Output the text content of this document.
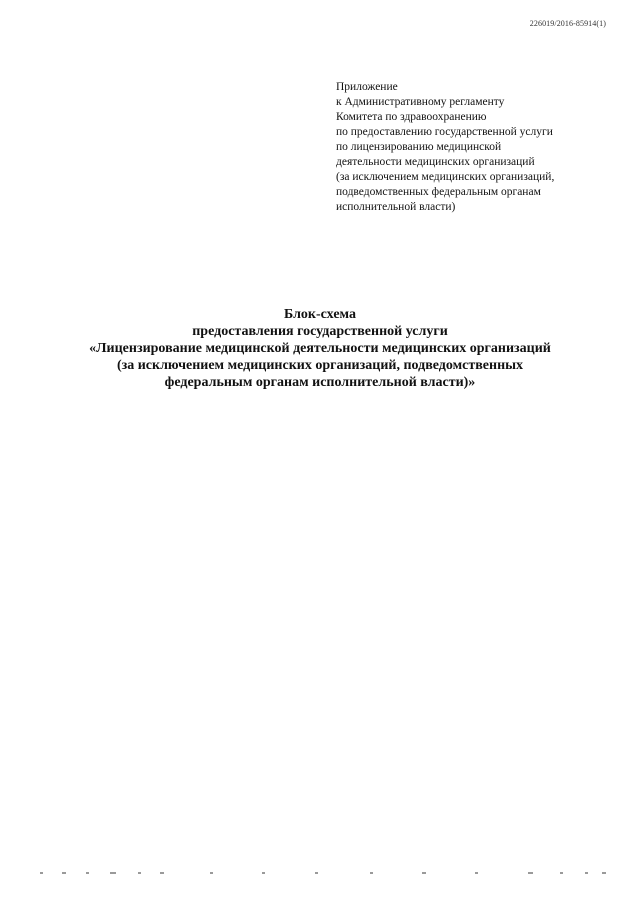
226019/2016-85914(1)
Приложение
к Административному регламенту
Комитета по здравоохранению
по предоставлению государственной услуги
по лицензированию медицинской
деятельности медицинских организаций
(за исключением медицинских организаций,
подведомственных федеральным органам
исполнительной власти)
Блок-схема
предоставления государственной услуги
«Лицензирование медицинской деятельности медицинских организаций
(за исключением медицинских организаций, подведомственных
федеральным органам исполнительной власти)»
